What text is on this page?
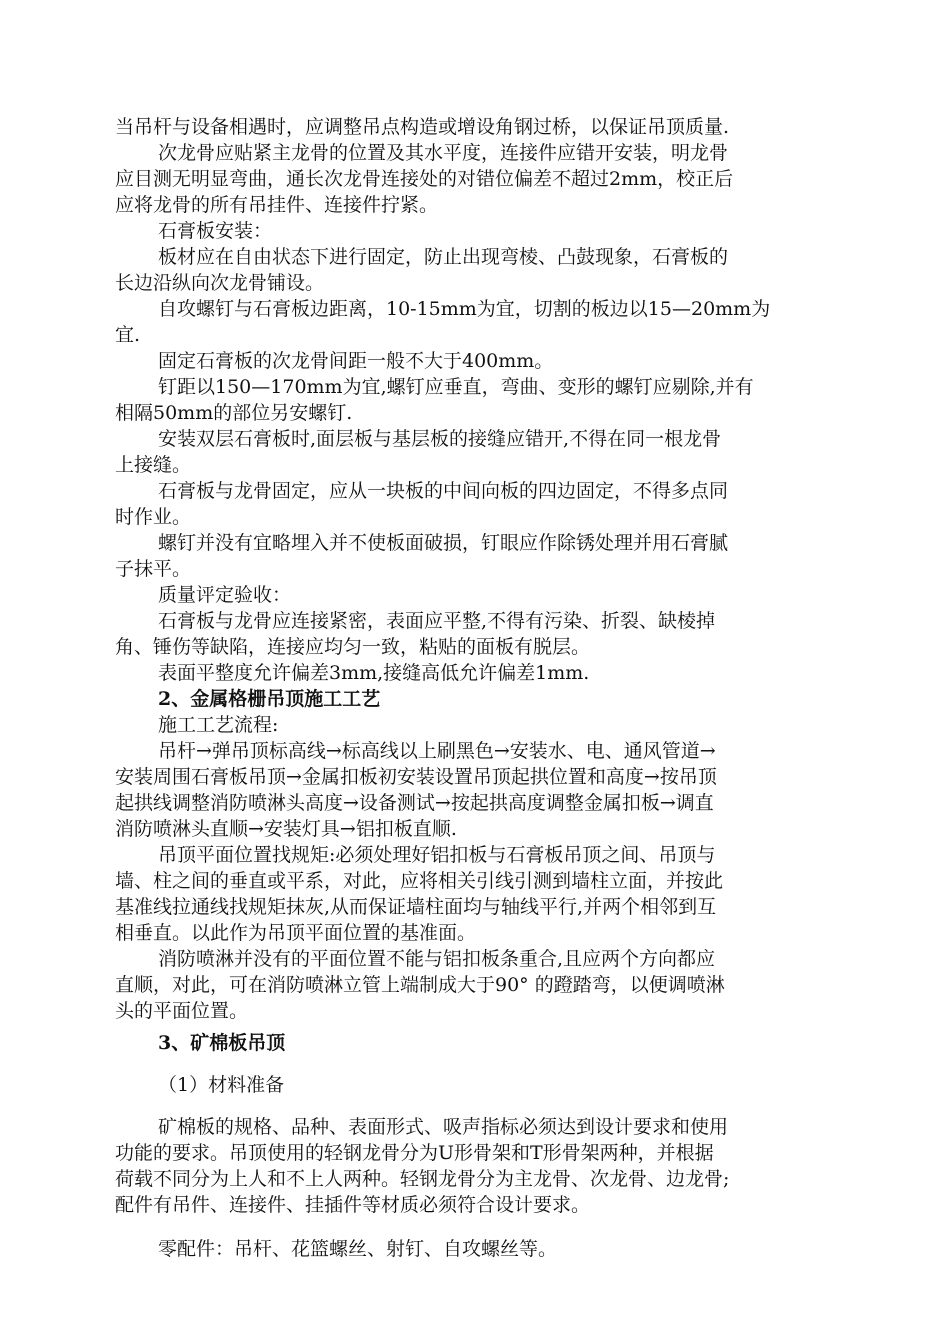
当吊杆与设备相遇时，应调整吊点构造或增设角钢过桥，以保证吊顶质量.
次龙骨应贴紧主龙骨的位置及其水平度，连接件应错开安装，明龙骨
应目测无明显弯曲，通长次龙骨连接处的对错位偏差不超过2mm，校正后
应将龙骨的所有吊挂件、连接件拧紧。
石膏板安装：
板材应在自由状态下进行固定，防止出现弯棱、凸鼓现象，石膏板的
长边沿纵向次龙骨铺设。
自攻螺钉与石膏板边距离，10-15mm为宜，切割的板边以15—20mm为
宜.
固定石膏板的次龙骨间距一般不大于400mm。
钉距以150—170mm为宜,螺钉应垂直，弯曲、变形的螺钉应剔除,并有
相隔50mm的部位另安螺钉.
安装双层石膏板时,面层板与基层板的接缝应错开,不得在同一根龙骨
上接缝。
石膏板与龙骨固定，应从一块板的中间向板的四边固定，不得多点同
时作业。
螺钉并没有宜略埋入并不使板面破损，钉眼应作除锈处理并用石膏腻
子抹平。
质量评定验收：
石膏板与龙骨应连接紧密，表面应平整,不得有污染、折裂、缺棱掉
角、锤伤等缺陷，连接应均匀一致，粘贴的面板有脱层。
表面平整度允许偏差3mm,接缝高低允许偏差1mm.
2、金属格栅吊顶施工工艺
施工工艺流程:
吊杆→弹吊顶标高线→标高线以上刷黑色→安装水、电、通风管道→
安装周围石膏板吊顶→金属扣板初安装设置吊顶起拱位置和高度→按吊顶
起拱线调整消防喷淋头高度→设备测试→按起拱高度调整金属扣板→调直
消防喷淋头直顺→安装灯具→铝扣板直顺.
吊顶平面位置找规矩:必须处理好铝扣板与石膏板吊顶之间、吊顶与
墙、柱之间的垂直或平系，对此，应将相关引线引测到墙柱立面，并按此
基准线拉通线找规矩抹灰,从而保证墙柱面均与轴线平行,并两个相邻到互
相垂直。以此作为吊顶平面位置的基准面。
消防喷淋并没有的平面位置不能与铝扣板条重合,且应两个方向都应
直顺，对此，可在消防喷淋立管上端制成大于90° 的蹬踏弯，以便调喷淋
头的平面位置。
3、矿棉板吊顶
（1）材料准备
矿棉板的规格、品种、表面形式、吸声指标必须达到设计要求和使用
功能的要求。吊顶使用的轻钢龙骨分为U形骨架和T形骨架两种，并根据
荷载不同分为上人和不上人两种。轻钢龙骨分为主龙骨、次龙骨、边龙骨;
配件有吊件、连接件、挂插件等材质必须符合设计要求。
零配件：吊杆、花篮螺丝、射钉、自攻螺丝等。
